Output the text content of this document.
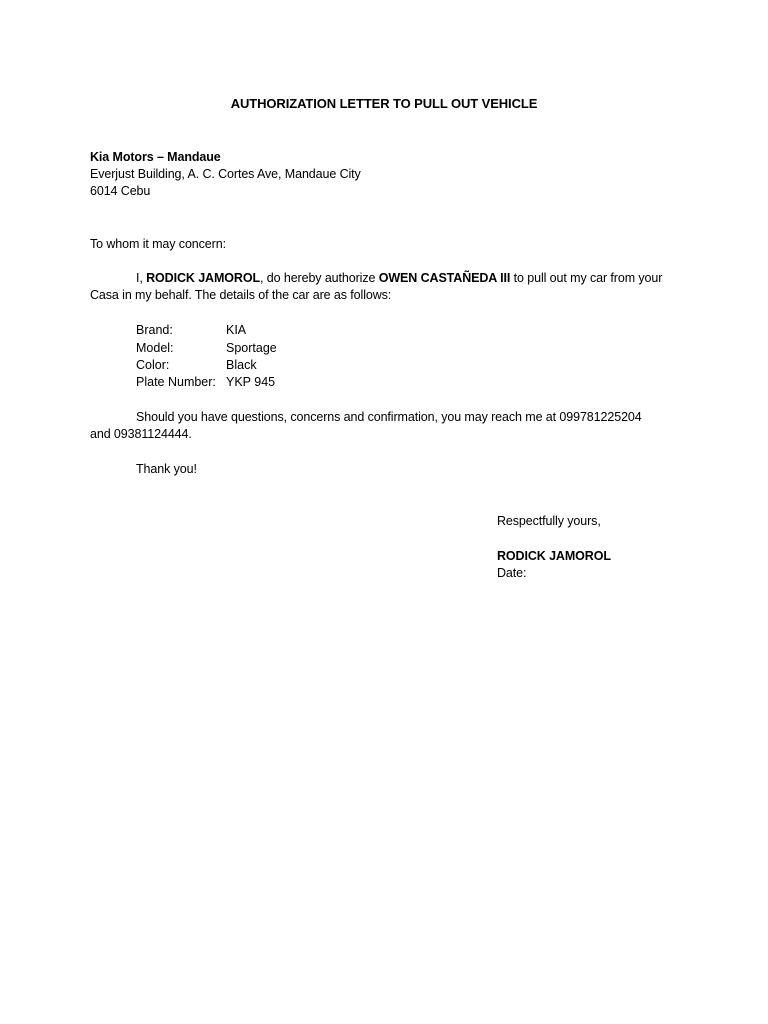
AUTHORIZATION LETTER TO PULL OUT VEHICLE
Kia Motors – Mandaue
Everjust Building, A. C. Cortes Ave, Mandaue City
6014 Cebu
To whom it may concern:
I, RODICK JAMOROL, do hereby authorize OWEN CASTAÑEDA III to pull out my car from your
Casa in my behalf. The details of the car are as follows:
Brand:	KIA
Model:	Sportage
Color:	Black
Plate Number: YKP 945
Should you have questions, concerns and confirmation, you may reach me at 099781225204
and 09381124444.
Thank you!
Respectfully yours,
RODICK JAMOROL
Date:
